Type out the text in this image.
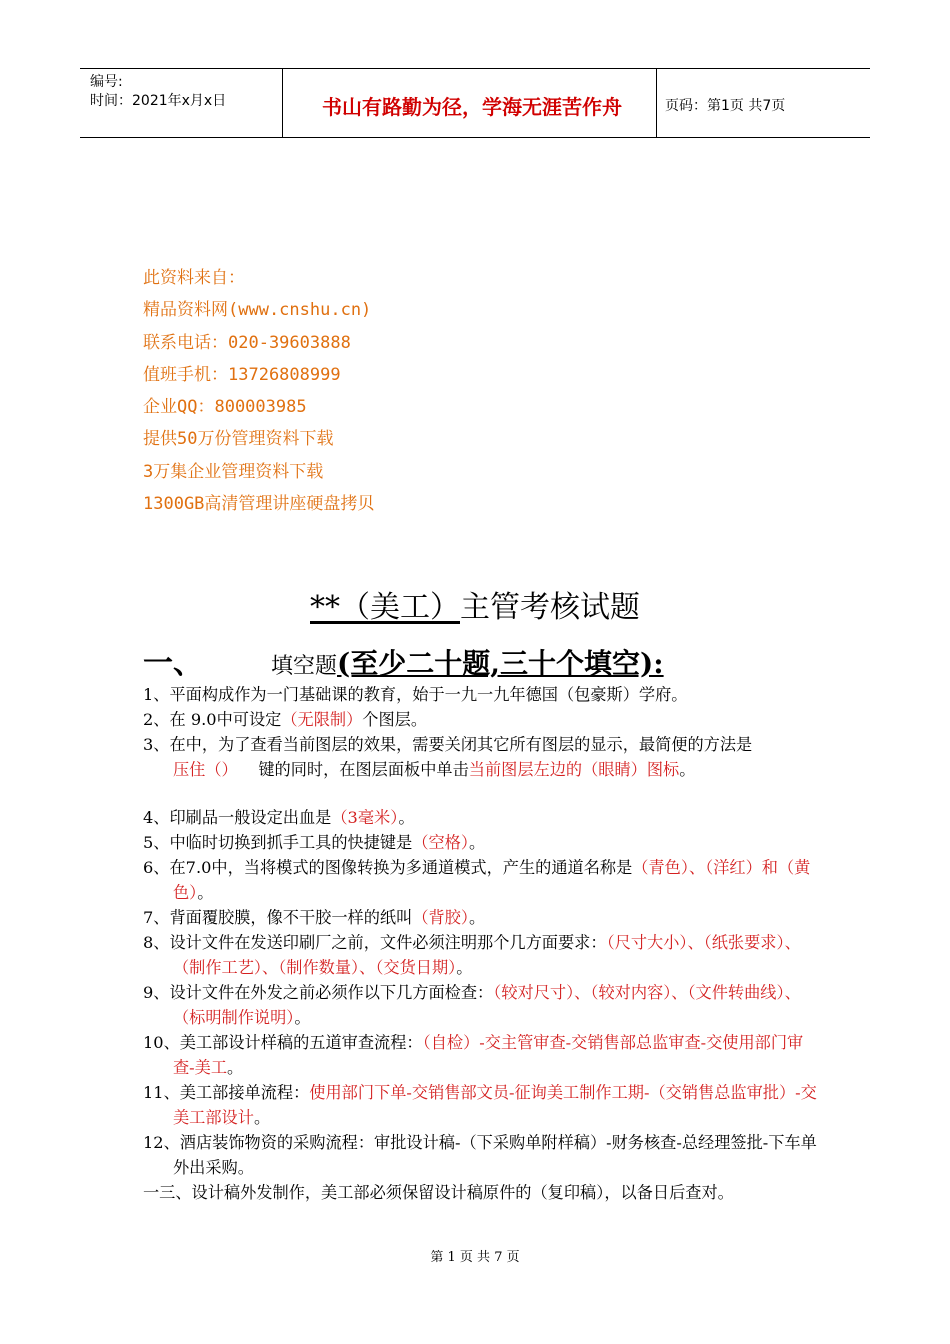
编号:
时间：2021年x月x日	书山有路勤为径，学海无涯苦作舟	页码：第1页 共7页
此资料来自：
精品资料网(www.cnshu.cn)
联系电话：020-39603888
值班手机：13726808999
企业QQ：800003985
提供50万份管理资料下载
3万集企业管理资料下载
1300GB高清管理讲座硬盘拷贝
**（美工）主管考核试题
一、	填空题(至少二十题,三十个填空):
1、平面构成作为一门基础课的教育，始于一九一九年德国（包豪斯）学府。
2、在 9.0中可设定（无限制）个图层。
3、在中，为了查看当前图层的效果，需要关闭其它所有图层的显示，最简便的方法是压住（）    键的同时，在图层面板中单击当前图层左边的（眼睛）图标。
4、印刷品一般设定出血是（3毫米）。
5、中临时切换到抓手工具的快捷键是（空格）。
6、在7.0中，当将模式的图像转换为多通道模式，产生的通道名称是（青色）、（洋红）和（黄色）。
7、背面覆胶膜，像不干胶一样的纸叫（背胶）。
8、设计文件在发送印刷厂之前，文件必须注明那个几方面要求：（尺寸大小）、（纸张要求）、（制作工艺）、（制作数量）、（交货日期）。
9、设计文件在外发之前必须作以下几方面检查：（较对尺寸）、（较对内容）、（文件转曲线）、（标明制作说明）。
10、美工部设计样稿的五道审查流程：（自检）-交主管审查-交销售部总监审查-交使用部门审查-美工。
11、美工部接单流程：使用部门下单-交销售部文员-征询美工制作工期-（交销售总监审批）-交美工部设计。
12、酒店装饰物资的采购流程：审批设计稿-（下采购单附样稿）-财务核查-总经理签批-下车单外出采购。
一三、设计稿外发制作，美工部必须保留设计稿原件的（复印稿），以备日后查对。
第 1 页 共 7 页
